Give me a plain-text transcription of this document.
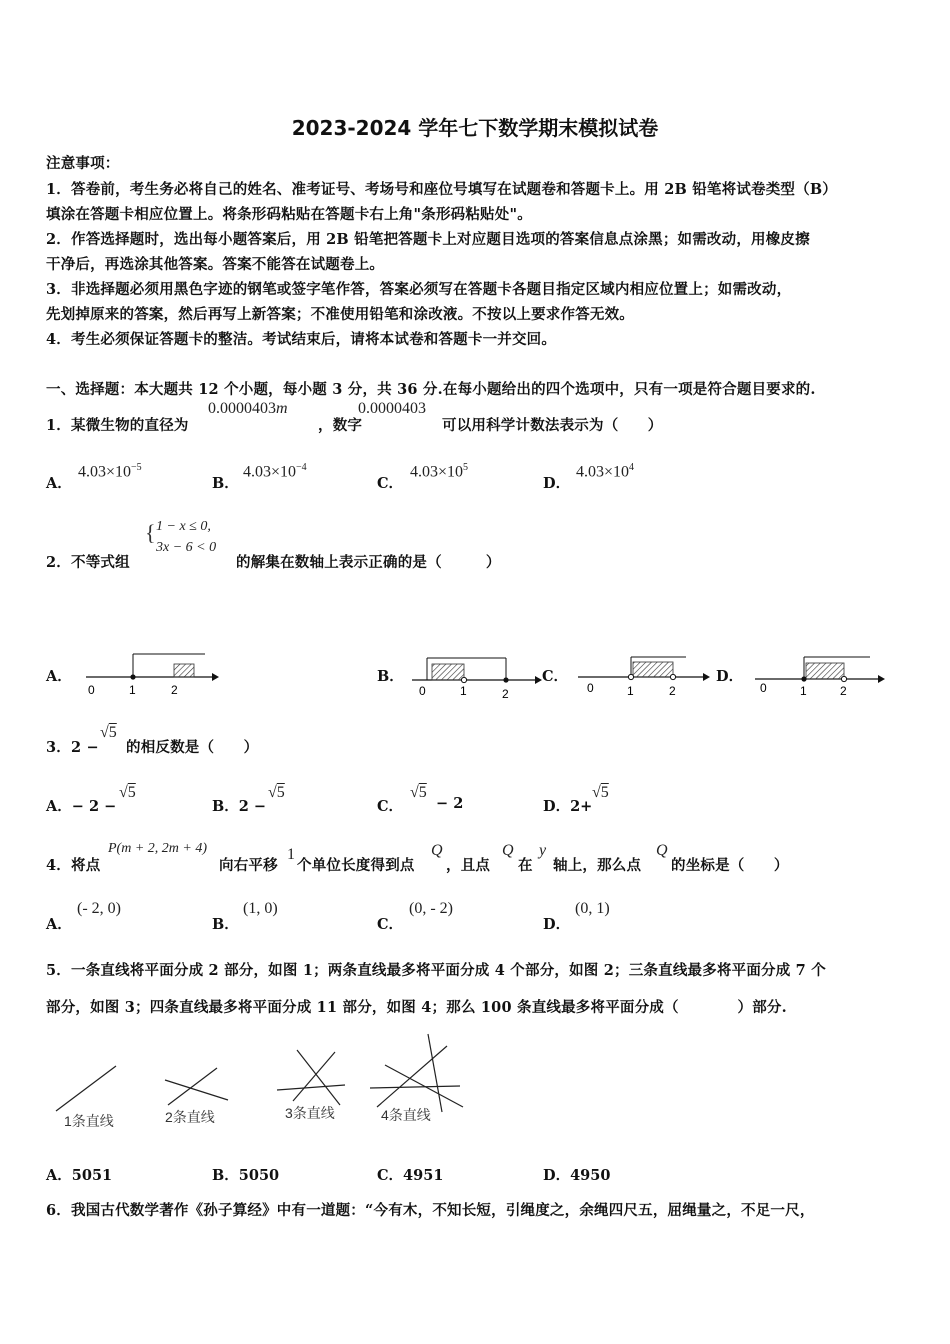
2023-2024 学年七下数学期末模拟试卷
注意事项：
1．答卷前，考生务必将自己的姓名、准考证号、考场号和座位号填写在试题卷和答题卡上。用 2B 铅笔将试卷类型（B）
填涂在答题卡相应位置上。将条形码粘贴在答题卡右上角"条形码粘贴处"。
2．作答选择题时，选出每小题答案后，用 2B 铅笔把答题卡上对应题目选项的答案信息点涂黑；如需改动，用橡皮擦
干净后，再选涂其他答案。答案不能答在试题卷上。
3．非选择题必须用黑色字迹的钢笔或签字笔作答，答案必须写在答题卡各题目指定区域内相应位置上；如需改动，
先划掉原来的答案，然后再写上新答案；不准使用铅笔和涂改液。不按以上要求作答无效。
4．考生必须保证答题卡的整洁。考试结束后，请将本试卷和答题卡一并交回。
一、选择题：本大题共 12 个小题，每小题 3 分，共 36 分.在每小题给出的四个选项中，只有一项是符合题目要求的.
1．某微生物的直径为
0.0000403m
，数字
0.0000403
可以用科学计数法表示为（　　）
A．
$4.03\times 10^{-5}$
B．
$4.03\times 10^{-4}$
C．
$4.03\times 10^5$
D．
$4.03\times 10^4$
2．不等式组
{ 1 − x ≤ 0,
3x − 6 < 0
的解集在数轴上表示正确的是（　　　）
0	1	2	0	1	2	0	1	2	0	1	2
A．	B．	C．	D．
3．2 −
√5
的相反数是（　　）
A．− 2 −
√5
B．2 −
√5
C．
√5
− 2	D．2+
√5
4．将点
P(m + 2, 2m + 4)
向右平移
1
个单位长度得到点
Q
，且点
Q
在
y
轴上，那么点
Q
的坐标是（　　）
A．
(- 2, 0)
B．
(1, 0)
C．
(0, - 2)
D．
(0, 1)
5．一条直线将平面分成 2 部分，如图 1；两条直线最多将平面分成 4 个部分，如图 2；三条直线最多将平面分成 7 个
部分，如图 3；四条直线最多将平面分成 11 部分，如图 4；那么 100 条直线最多将平面分成（　　　　）部分.
1条直线	2条直线	3条直线	4条直线
A．5051	B．5050	C．4951	D．4950
6．我国古代数学著作《孙子算经》中有一道题：“今有木，不知长短，引绳度之，余绳四尺五，屈绳量之，不足一尺，
